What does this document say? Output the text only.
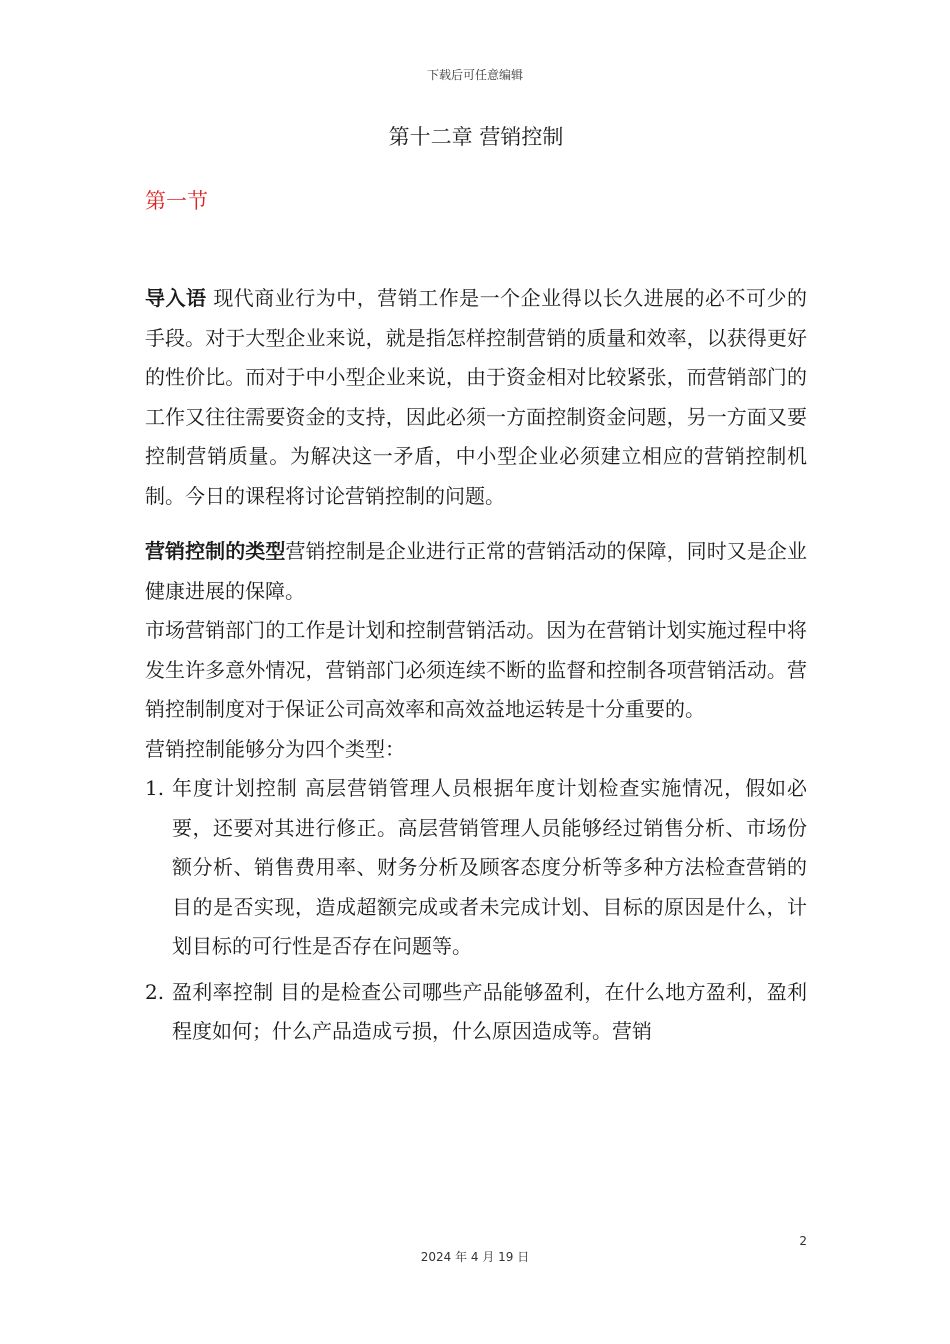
下载后可任意编辑
第十二章 营销控制
第一节

导入语 现代商业行为中，营销工作是一个企业得以长久进展的必不可少的手段。对于大型企业来说，就是指怎样控制营销的质量和效率，以获得更好的性价比。而对于中小型企业来说，由于资金相对比较紧张，而营销部门的工作又往往需要资金的支持，因此必须一方面控制资金问题，另一方面又要控制营销质量。为解决这一矛盾，中小型企业必须建立相应的营销控制机制。今日的课程将讨论营销控制的问题。

营销控制的类型营销控制是企业进行正常的营销活动的保障，同时又是企业健康进展的保障。

市场营销部门的工作是计划和控制营销活动。因为在营销计划实施过程中将发生许多意外情况，营销部门必须连续不断的监督和控制各项营销活动。营销控制制度对于保证公司高效率和高效益地运转是十分重要的。

营销控制能够分为四个类型：

1. 年度计划控制 高层营销管理人员根据年度计划检查实施情况，假如必要，还要对其进行修正。高层营销管理人员能够经过销售分析、市场份额分析、销售费用率、财务分析及顾客态度分析等多种方法检查营销的目的是否实现，造成超额完成或者未完成计划、目标的原因是什么，计划目标的可行性是否存在问题等。
2. 盈利率控制 目的是检查公司哪些产品能够盈利，在什么地方盈利，盈利程度如何；什么产品造成亏损，什么原因造成等。营销
2
2024 年 4 月 19 日
